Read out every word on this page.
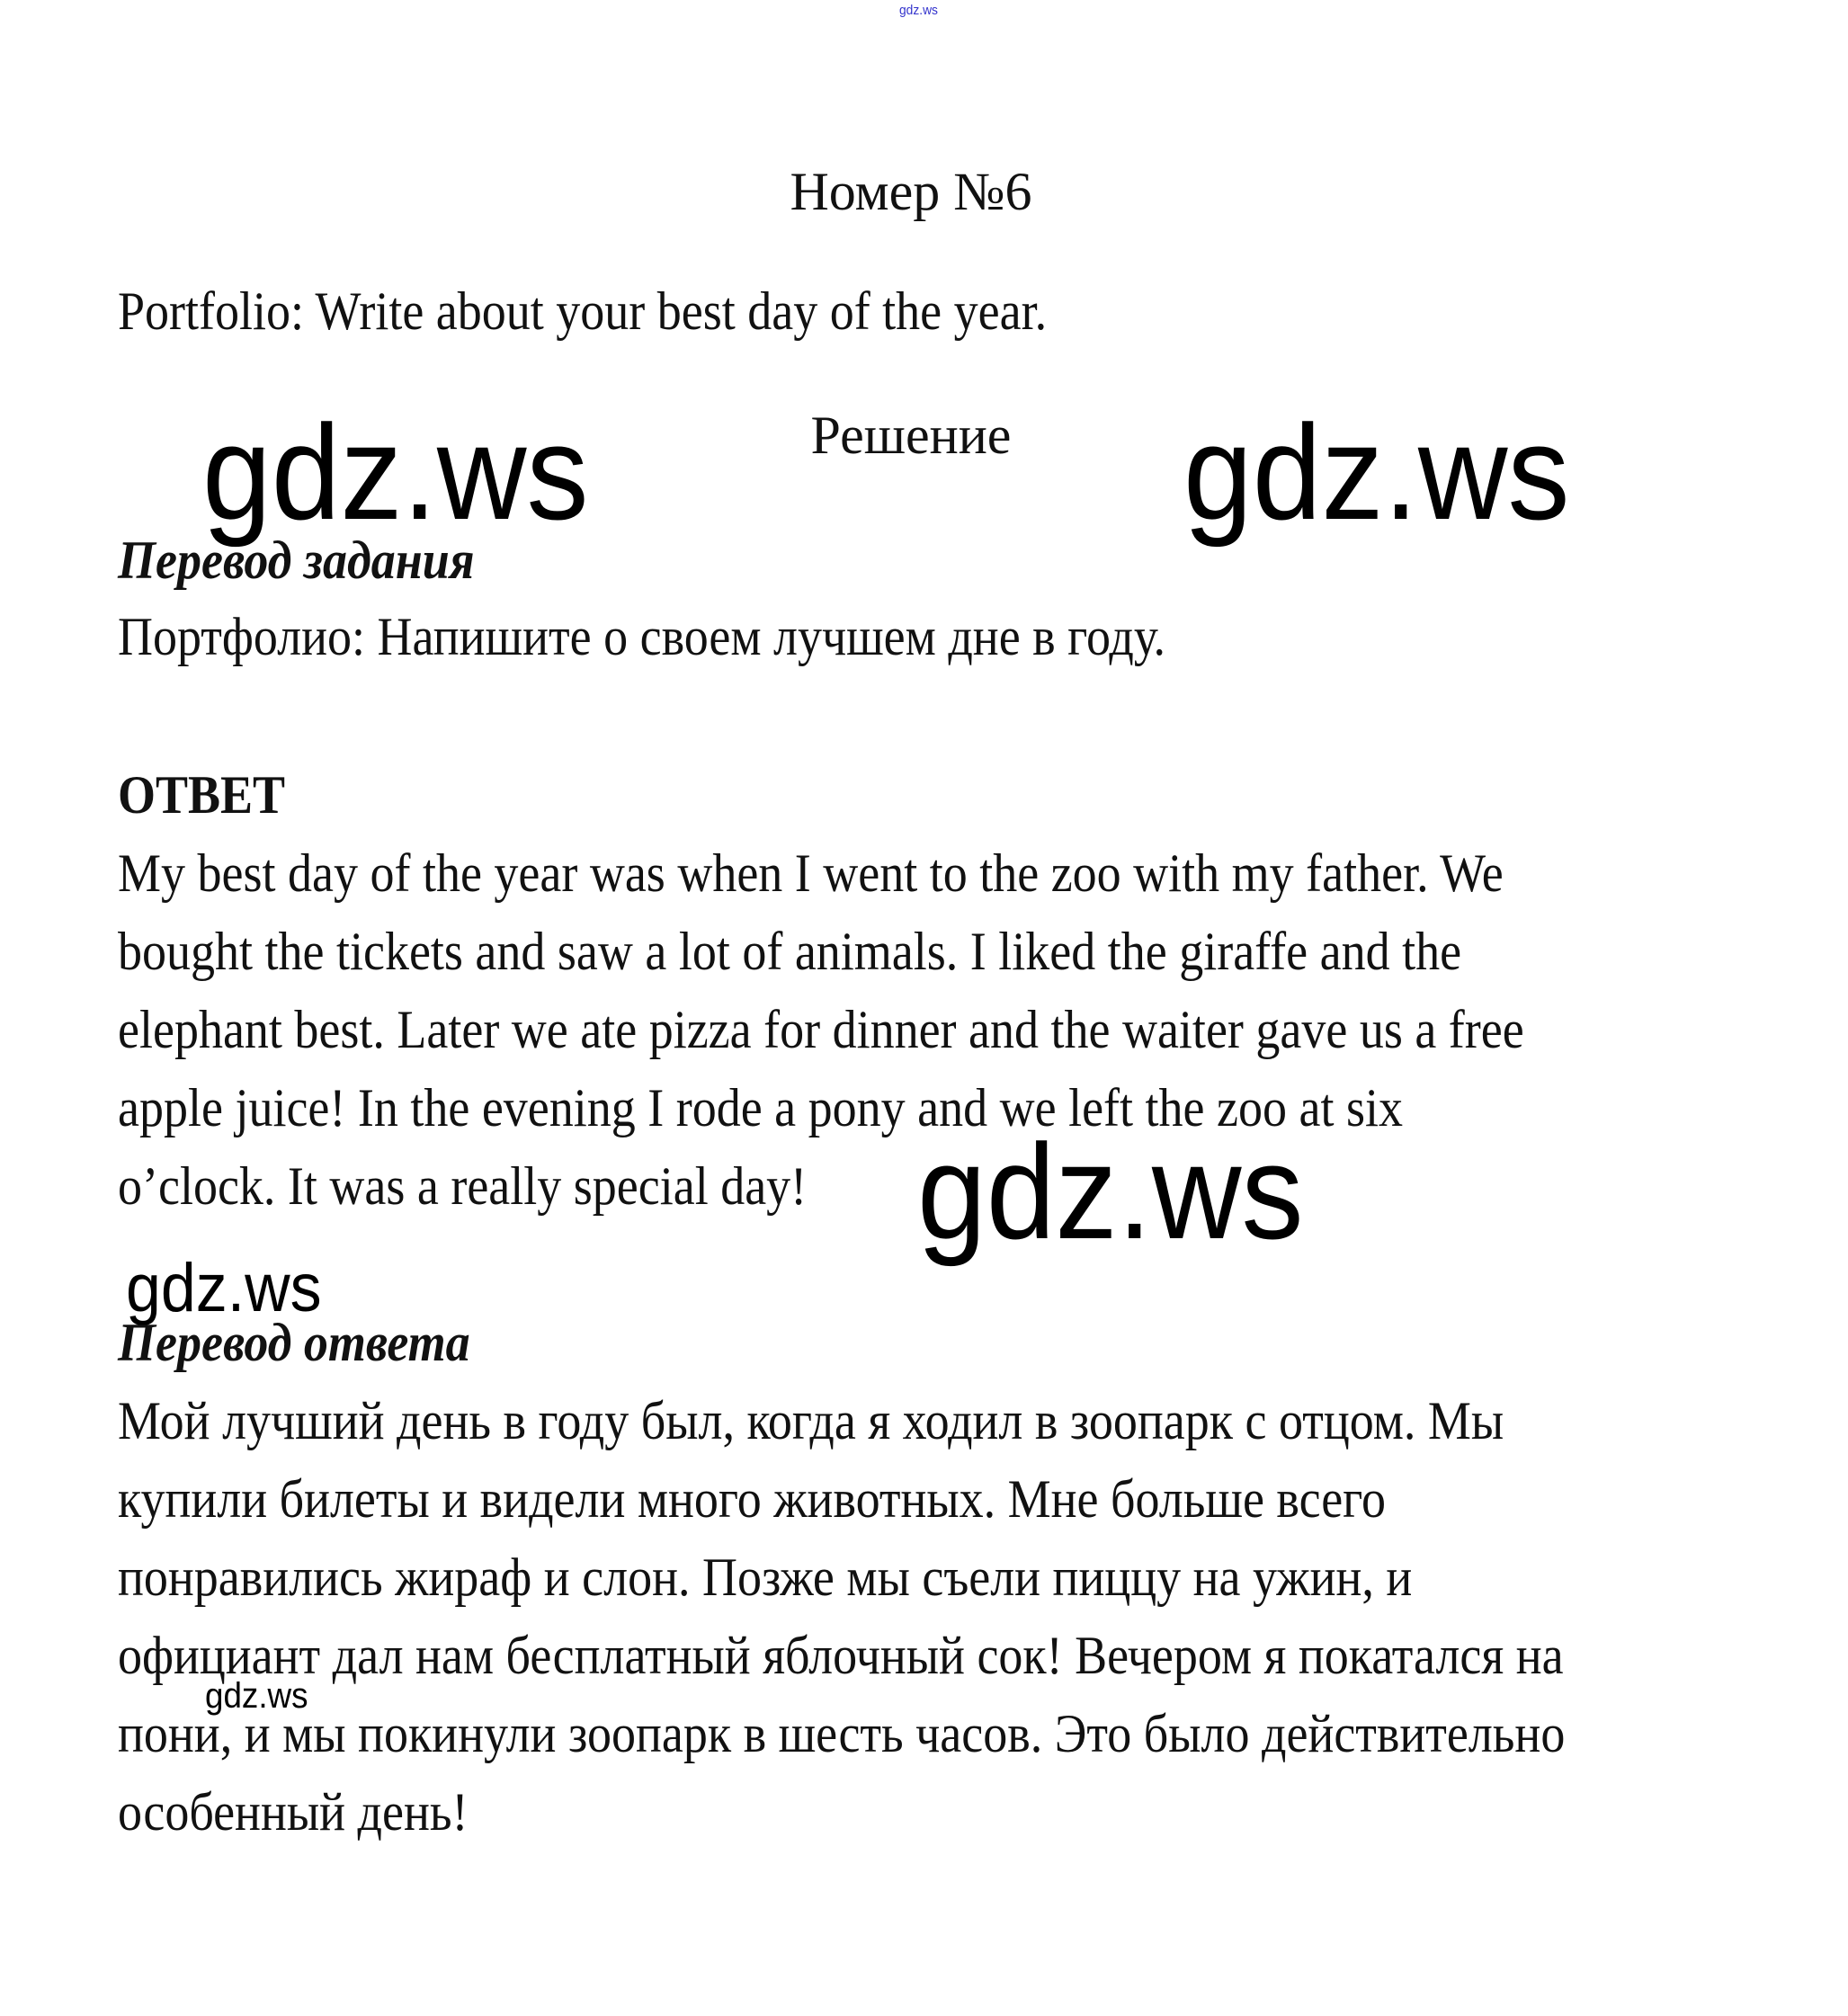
gdz.ws
Номер №6
Portfolio: Write about your best day of the year.
Решение
gdz.ws	gdz.ws
Перевод задания
Портфолио: Напишите о своем лучшем дне в году.
ОТВЕТ
My best day of the year was when I went to the zoo with my father. We
bought the tickets and saw a lot of animals. I liked the giraffe and the
elephant best. Later we ate pizza for dinner and the waiter gave us a free
apple juice! In the evening I rode a pony and we left the zoo at six
o’clock. It was a really special day! gdz.ws
gdz.ws
Перевод ответа
Мой лучший день в году был, когда я ходил в зоопарк с отцом. Мы
купили билеты и видели много животных. Мне больше всего
понравились жираф и слон. Позже мы съели пиццу на ужин, и
официант дал нам бесплатный яблочный сок! Вечером я покатался на
пони, и мы покинули зоопарк в шесть часов. Это было действительно
особенный день!
gdz.ws
